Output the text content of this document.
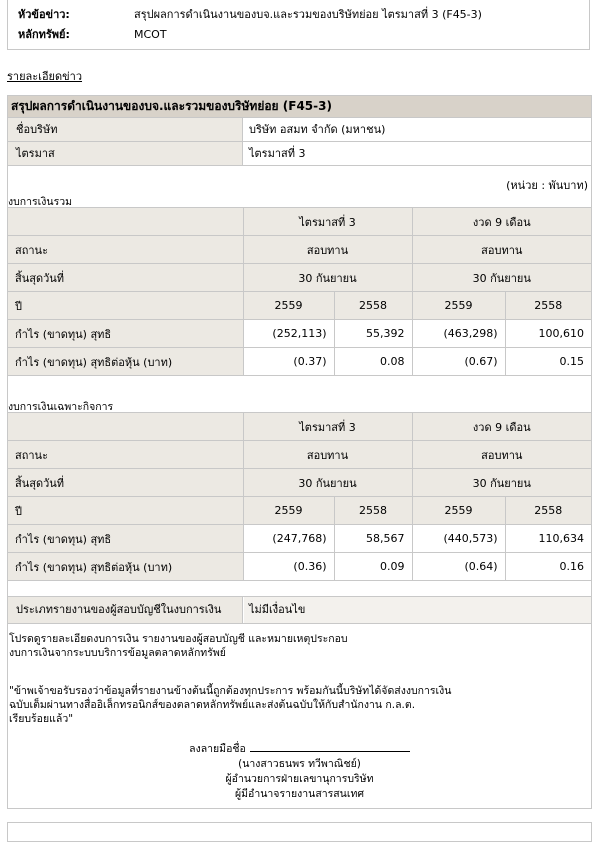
หัวข้อข่าว:	สรุปผลการดำเนินงานของบจ.และรวมของบริษัทย่อย ไตรมาสที่ 3 (F45-3)
หลักทรัพย์:	MCOT
รายละเอียดข่าว
สรุปผลการดำเนินงานของบจ.และรวมของบริษัทย่อย (F45-3)
ชื่อบริษัท	บริษัท อสมท จำกัด (มหาชน)
ไตรมาส	ไตรมาสที่ 3
(หน่วย : พันบาท)
งบการเงินรวม
	ไตรมาสที่ 3		งวด 9 เดือน	
สถานะ	สอบทาน		สอบทาน	
สิ้นสุดวันที่	30 กันยายน		30 กันยายน	
ปี	2559	2558	2559	2558
กำไร (ขาดทุน) สุทธิ	(252,113)	55,392	(463,298)	100,610
กำไร (ขาดทุน) สุทธิต่อหุ้น (บาท)	(0.37)	0.08	(0.67)	0.15
งบการเงินเฉพาะกิจการ
	ไตรมาสที่ 3		งวด 9 เดือน	
สถานะ	สอบทาน		สอบทาน	
สิ้นสุดวันที่	30 กันยายน		30 กันยายน	
ปี	2559	2558	2559	2558
กำไร (ขาดทุน) สุทธิ	(247,768)	58,567	(440,573)	110,634
กำไร (ขาดทุน) สุทธิต่อหุ้น (บาท)	(0.36)	0.09	(0.64)	0.16
ประเภทรายงานของผู้สอบบัญชีในงบการเงิน	ไม่มีเงื่อนไข
โปรดดูรายละเอียดงบการเงิน รายงานของผู้สอบบัญชี และหมายเหตุประกอบ
งบการเงินจากระบบบริการข้อมูลตลาดหลักทรัพย์
"ข้าพเจ้าขอรับรองว่าข้อมูลที่รายงานข้างต้นนี้ถูกต้องทุกประการ พร้อมกันนี้บริษัทได้จัดส่งงบการเงิน
ฉบับเต็มผ่านทางสื่ออิเล็กทรอนิกส์ของตลาดหลักทรัพย์และส่งต้นฉบับให้กับสำนักงาน ก.ล.ต.
เรียบร้อยแล้ว"
ลงลายมือชื่อ
(นางสาวธนพร ทวีพาณิชย์)
ผู้อำนวยการฝ่ายเลขานุการบริษัท
ผู้มีอำนาจรายงานสารสนเทศ
